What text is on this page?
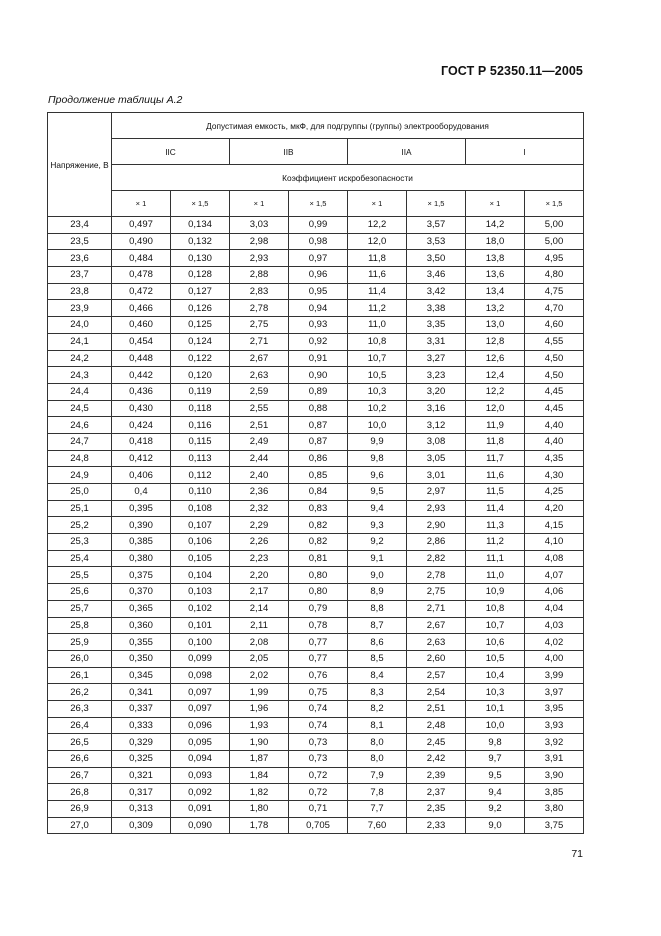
ГОСТ Р 52350.11—2005
Продолжение таблицы А.2
Напряжение, В	Допустимая емкость, мкФ, для подгруппы (группы) электрооборудования							
	IIC		IIB		IIA		I	
	Коэффициент искробезопасности							
	× 1	× 1,5	× 1	× 1,5	× 1	× 1,5	× 1	× 1,5
23,4	0,497	0,134	3,03	0,99	12,2	3,57	14,2	5,00
23,5	0,490	0,132	2,98	0,98	12,0	3,53	18,0	5,00
23,6	0,484	0,130	2,93	0,97	11,8	3,50	13,8	4,95
23,7	0,478	0,128	2,88	0,96	11,6	3,46	13,6	4,80
23,8	0,472	0,127	2,83	0,95	11,4	3,42	13,4	4,75
23,9	0,466	0,126	2,78	0,94	11,2	3,38	13,2	4,70
24,0	0,460	0,125	2,75	0,93	11,0	3,35	13,0	4,60
24,1	0,454	0,124	2,71	0,92	10,8	3,31	12,8	4,55
24,2	0,448	0,122	2,67	0,91	10,7	3,27	12,6	4,50
24,3	0,442	0,120	2,63	0,90	10,5	3,23	12,4	4,50
24,4	0,436	0,119	2,59	0,89	10,3	3,20	12,2	4,45
24,5	0,430	0,118	2,55	0,88	10,2	3,16	12,0	4,45
24,6	0,424	0,116	2,51	0,87	10,0	3,12	11,9	4,40
24,7	0,418	0,115	2,49	0,87	9,9	3,08	11,8	4,40
24,8	0,412	0,113	2,44	0,86	9,8	3,05	11,7	4,35
24,9	0,406	0,112	2,40	0,85	9,6	3,01	11,6	4,30
25,0	0,4	0,110	2,36	0,84	9,5	2,97	11,5	4,25
25,1	0,395	0,108	2,32	0,83	9,4	2,93	11,4	4,20
25,2	0,390	0,107	2,29	0,82	9,3	2,90	11,3	4,15
25,3	0,385	0,106	2,26	0,82	9,2	2,86	11,2	4,10
25,4	0,380	0,105	2,23	0,81	9,1	2,82	11,1	4,08
25,5	0,375	0,104	2,20	0,80	9,0	2,78	11,0	4,07
25,6	0,370	0,103	2,17	0,80	8,9	2,75	10,9	4,06
25,7	0,365	0,102	2,14	0,79	8,8	2,71	10,8	4,04
25,8	0,360	0,101	2,11	0,78	8,7	2,67	10,7	4,03
25,9	0,355	0,100	2,08	0,77	8,6	2,63	10,6	4,02
26,0	0,350	0,099	2,05	0,77	8,5	2,60	10,5	4,00
26,1	0,345	0,098	2,02	0,76	8,4	2,57	10,4	3,99
26,2	0,341	0,097	1,99	0,75	8,3	2,54	10,3	3,97
26,3	0,337	0,097	1,96	0,74	8,2	2,51	10,1	3,95
26,4	0,333	0,096	1,93	0,74	8,1	2,48	10,0	3,93
26,5	0,329	0,095	1,90	0,73	8,0	2,45	9,8	3,92
26,6	0,325	0,094	1,87	0,73	8,0	2,42	9,7	3,91
26,7	0,321	0,093	1,84	0,72	7,9	2,39	9,5	3,90
26,8	0,317	0,092	1,82	0,72	7,8	2,37	9,4	3,85
26,9	0,313	0,091	1,80	0,71	7,7	2,35	9,2	3,80
27,0	0,309	0,090	1,78	0,705	7,60	2,33	9,0	3,75
71
